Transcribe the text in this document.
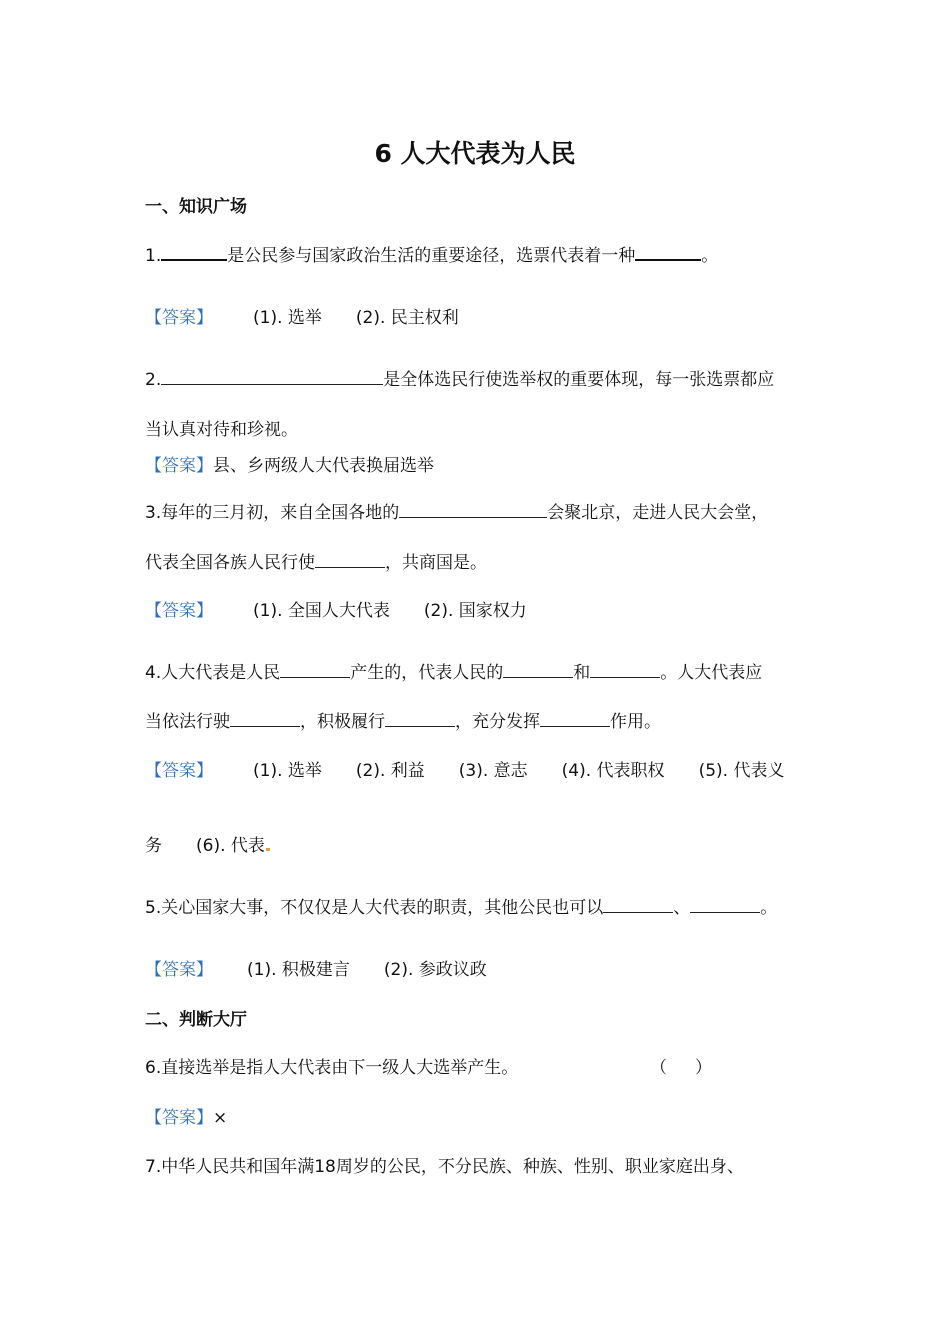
6 人大代表为人民
一、知识广场
1.	是公民参与国家政治生活的重要途径，选票代表着一种	。
【答案】 (1). 选举 (2). 民主权利
2.	是全体选民行使选举权的重要体现，每一张选票都应
当认真对待和珍视。
【答案】县、乡两级人大代表换届选举
3.每年的三月初，来自全国各地的	会聚北京，走进人民大会堂，
代表全国各族人民行使	，共商国是。
【答案】 (1). 全国人大代表 (2). 国家权力
4.人大代表是人民	产生的，代表人民的	和	。人大代表应
当依法行驶	，积极履行	，充分发挥	作用。
【答案】 (1). 选举 (2). 利益 (3). 意志 (4). 代表职权 (5). 代表义
务 (6). 代表
5.关心国家大事，不仅仅是人大代表的职责，其他公民也可以	、	。
【答案】 (1). 积极建言 (2). 参政议政
二、判断大厅
6.直接选举是指人大代表由下一级人大选举产生。	（ ）
【答案】×
7.中华人民共和国年满18周岁的公民，不分民族、种族、性别、职业家庭出身、
